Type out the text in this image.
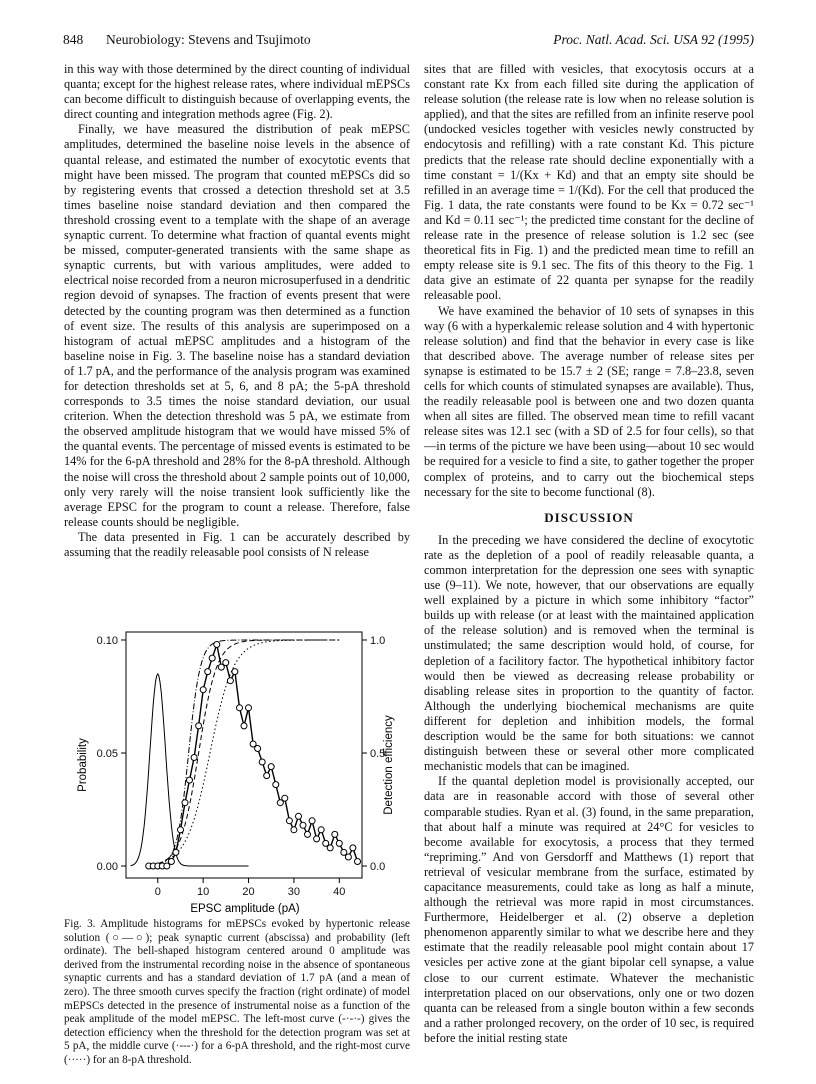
848 Neurobiology: Stevens and Tsujimoto	Proc. Natl. Acad. Sci. USA 92 (1995)

in this way with those determined by the direct counting of individual quanta; except for the highest release rates, where individual mEPSCs can become difficult to distinguish because of overlapping events, the direct counting and integration methods agree (Fig. 2).

Finally, we have measured the distribution of peak mEPSC amplitudes, determined the baseline noise levels in the absence of quantal release, and estimated the number of exocytotic events that might have been missed. The program that counted mEPSCs did so by registering events that crossed a detection threshold set at 3.5 times baseline noise standard deviation and then compared the threshold crossing event to a template with the shape of an average synaptic current. To determine what fraction of quantal events might be missed, computer-generated transients with the same shape as synaptic currents, but with various amplitudes, were added to electrical noise recorded from a neuron microsuperfused in a dendritic region devoid of synapses. The fraction of events present that were detected by the counting program was then determined as a function of event size. The results of this analysis are superimposed on a histogram of actual mEPSC amplitudes and a histogram of the baseline noise in Fig. 3. The baseline noise has a standard deviation of 1.7 pA, and the performance of the analysis program was examined for detection thresholds set at 5, 6, and 8 pA; the 5-pA threshold corresponds to 3.5 times the noise standard deviation, our usual criterion. When the detection threshold was 5 pA, we estimate from the observed amplitude histogram that we would have missed 5% of the quantal events. The percentage of missed events is estimated to be 14% for the 6-pA threshold and 28% for the 8-pA threshold. Although the noise will cross the threshold about 2 sample points out of 10,000, only very rarely will the noise transient look sufficiently like the average EPSC for the program to count a release. Therefore, false release counts should be negligible.

The data presented in Fig. 1 can be accurately described by assuming that the readily releasable pool consists of N release

0	10	20	30	40
0.00
0.05
0.10
0.0
0.5
1.0
EPSC amplitude (pA)
Probability	Detection efficiency
Fig. 3. Amplitude histograms for mEPSCs evoked by hypertonic release solution (○—○); peak synaptic current (abscissa) and probability (left ordinate). The bell-shaped histogram centered around 0 amplitude was derived from the instrumental recording noise in the absence of spontaneous synaptic currents and has a standard deviation of 1.7 pA (and a mean of zero). The three smooth curves specify the fraction (right ordinate) of model mEPSCs detected in the presence of instrumental noise as a function of the peak amplitude of the model mEPSC. The left-most curve (-·-·-) gives the detection efficiency when the threshold for the detection program was set at 5 pA, the middle curve (·---·) for a 6-pA threshold, and the right-most curve (·····) for an 8-pA threshold.

sites that are filled with vesicles, that exocytosis occurs at a constant rate Kx from each filled site during the application of release solution (the release rate is low when no release solution is applied), and that the sites are refilled from an infinite reserve pool (undocked vesicles together with vesicles newly constructed by endocytosis and refilling) with a rate constant Kd. This picture predicts that the release rate should decline exponentially with a time constant = 1/(Kx + Kd) and that an empty site should be refilled in an average time = 1/(Kd). For the cell that produced the Fig. 1 data, the rate constants were found to be Kx = 0.72 sec⁻¹ and Kd = 0.11 sec⁻¹; the predicted time constant for the decline of release rate in the presence of release solution is 1.2 sec (see theoretical fits in Fig. 1) and the predicted mean time to refill an empty release site is 9.1 sec. The fits of this theory to the Fig. 1 data give an estimate of 22 quanta per synapse for the readily releasable pool.

We have examined the behavior of 10 sets of synapses in this way (6 with a hyperkalemic release solution and 4 with hypertonic release solution) and find that the behavior in every case is like that described above. The average number of release sites per synapse is estimated to be 15.7 ± 2 (SE; range = 7.8–23.8, seven cells for which counts of stimulated synapses are available). Thus, the readily releasable pool is between one and two dozen quanta when all sites are filled. The observed mean time to refill vacant release sites was 12.1 sec (with a SD of 2.5 for four cells), so that—in terms of the picture we have been using—about 10 sec would be required for a vesicle to find a site, to gather together the proper complex of proteins, and to carry out the biochemical steps necessary for the site to become functional (8).

DISCUSSION

In the preceding we have considered the decline of exocytotic rate as the depletion of a pool of readily releasable quanta, a common interpretation for the depression one sees with synaptic use (9–11). We note, however, that our observations are equally well explained by a picture in which some inhibitory “factor” builds up with release (or at least with the maintained application of the release solution) and is removed when the terminal is unstimulated; the same description would hold, of course, for depletion of a facilitory factor. The hypothetical inhibitory factor would then be viewed as decreasing release probability or disabling release sites in proportion to the quantity of factor. Although the underlying biochemical mechanisms are quite different for depletion and inhibition models, the formal description would be the same for both situations: we cannot distinguish between these or several other more complicated mechanistic models that can be imagined.

If the quantal depletion model is provisionally accepted, our data are in reasonable accord with those of several other comparable studies. Ryan et al. (3) found, in the same preparation, that about half a minute was required at 24°C for vesicles to become available for exocytosis, a process that they termed “repriming.” And von Gersdorff and Matthews (1) report that retrieval of vesicular membrane from the surface, estimated by capacitance measurements, could take as long as half a minute, although the retrieval was more rapid in most circumstances. Furthermore, Heidelberger et al. (2) observe a depletion phenomenon apparently similar to what we describe here and they estimate that the readily releasable pool might contain about 17 vesicles per active zone at the giant bipolar cell synapse, a value close to our current estimate. Whatever the mechanistic interpretation placed on our observations, only one or two dozen quanta can be released from a single bouton within a few seconds and a rather prolonged recovery, on the order of 10 sec, is required before the initial resting state
